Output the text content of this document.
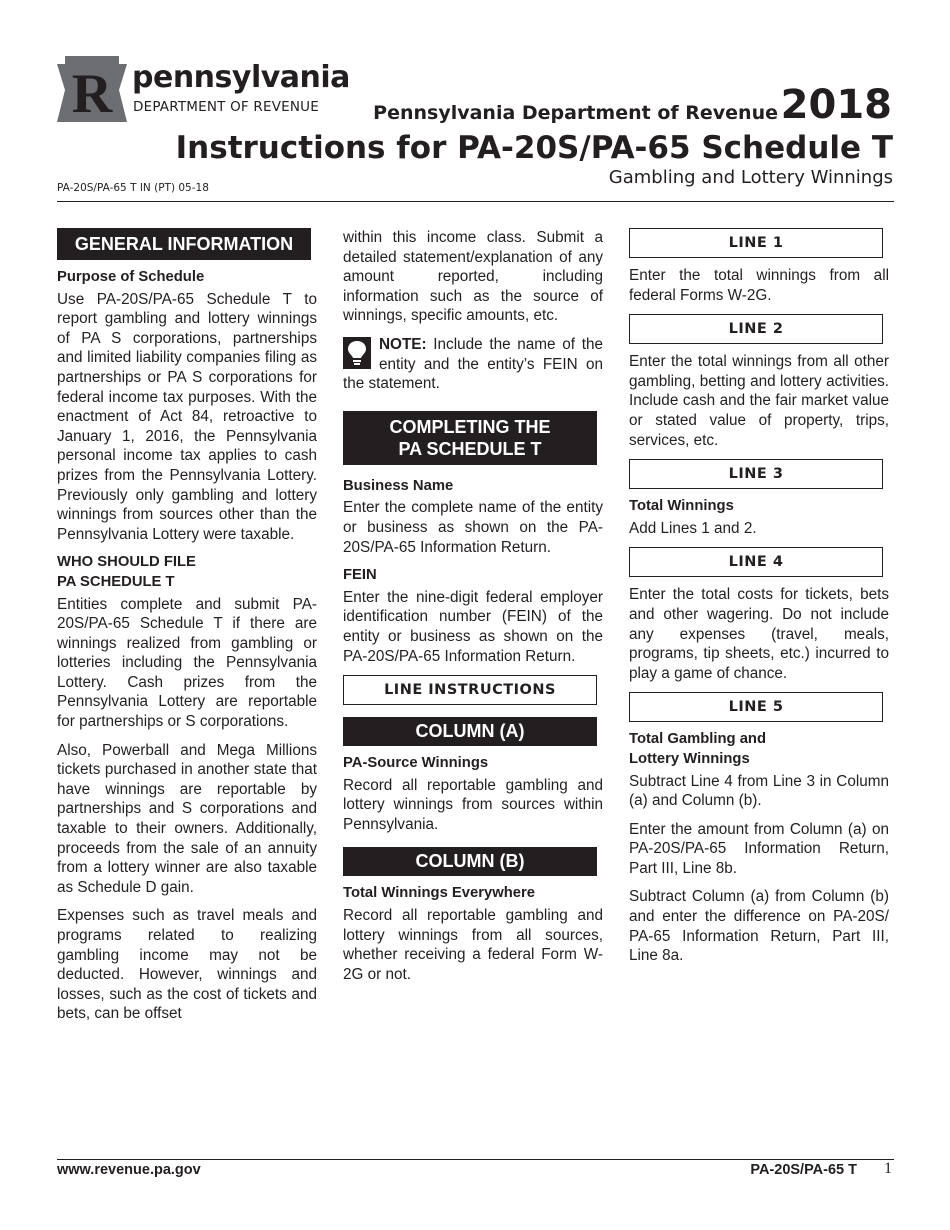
R pennsylvania
DEPARTMENT OF REVENUE	Pennsylvania Department of Revenue 2018
Instructions for PA-20S/PA-65 Schedule T
Gambling and Lottery Winnings
PA-20S/PA-65 T IN (PT) 05-18
GENERAL INFORMATION
Purpose of Schedule

Use PA-20S/PA-65 Schedule T to report gambling and lottery winnings of PA S corporations, partnerships and limited liability companies filing as partnerships or PA S corporations for federal income tax purposes. With the enactment of Act 84, retroactive to January 1, 2016, the Pennsylvania personal income tax applies to cash prizes from the Pennsylvania Lottery. Previously only gambling and lottery winnings from sources other than the Pennsylvania Lottery were taxable.

WHO SHOULD FILE
PA SCHEDULE T

Entities complete and submit PA-20S/PA-65 Schedule T if there are winnings realized from gambling or lotteries including the Pennsylvania Lottery. Cash prizes from the Pennsylvania Lottery are reportable for partnerships or S corporations.

Also, Powerball and Mega Millions tickets purchased in another state that have winnings are reportable by partnerships and S corporations and taxable to their owners. Additionally, proceeds from the sale of an annuity from a lottery winner are also taxable as Schedule D gain.

Expenses such as travel meals and programs related to realizing gambling income may not be deducted. However, winnings and losses, such as the cost of tickets and bets, can be offset

within this income class. Submit a detailed statement/explanation of any amount reported, including information such as the source of winnings, specific amounts, etc.

NOTE: Include the name of the entity and the entity’s FEIN on the statement.

COMPLETING THE
PA SCHEDULE T
Business Name

Enter the complete name of the entity or business as shown on the PA-20S/PA-65 Information Return.

FEIN

Enter the nine-digit federal employer identification number (FEIN) of the entity or business as shown on the PA-20S/PA-65 Information Return.

LINE INSTRUCTIONS
COLUMN (A)
PA-Source Winnings

Record all reportable gambling and lottery winnings from sources within Pennsylvania.

COLUMN (B)
Total Winnings Everywhere

Record all reportable gambling and lottery winnings from all sources, whether receiving a federal Form W-2G or not.

LINE 1

Enter the total winnings from all federal Forms W-2G.

LINE 2

Enter the total winnings from all other gambling, betting and lottery activities. Include cash and the fair market value or stated value of property, trips, services, etc.

LINE 3
Total Winnings

Add Lines 1 and 2.

LINE 4

Enter the total costs for tickets, bets and other wagering. Do not include any expenses (travel, meals, programs, tip sheets, etc.) incurred to play a game of chance.

LINE 5
Total Gambling and
Lottery Winnings

Subtract Line 4 from Line 3 in Column (a) and Column (b).

Enter the amount from Column (a) on PA-20S/PA-65 Information Return, Part III, Line 8b.

Subtract Column (a) from Column (b) and enter the difference on PA-20S/ PA-65 Information Return, Part III, Line 8a.

www.revenue.pa.gov	PA-20S/PA-65 T 1
